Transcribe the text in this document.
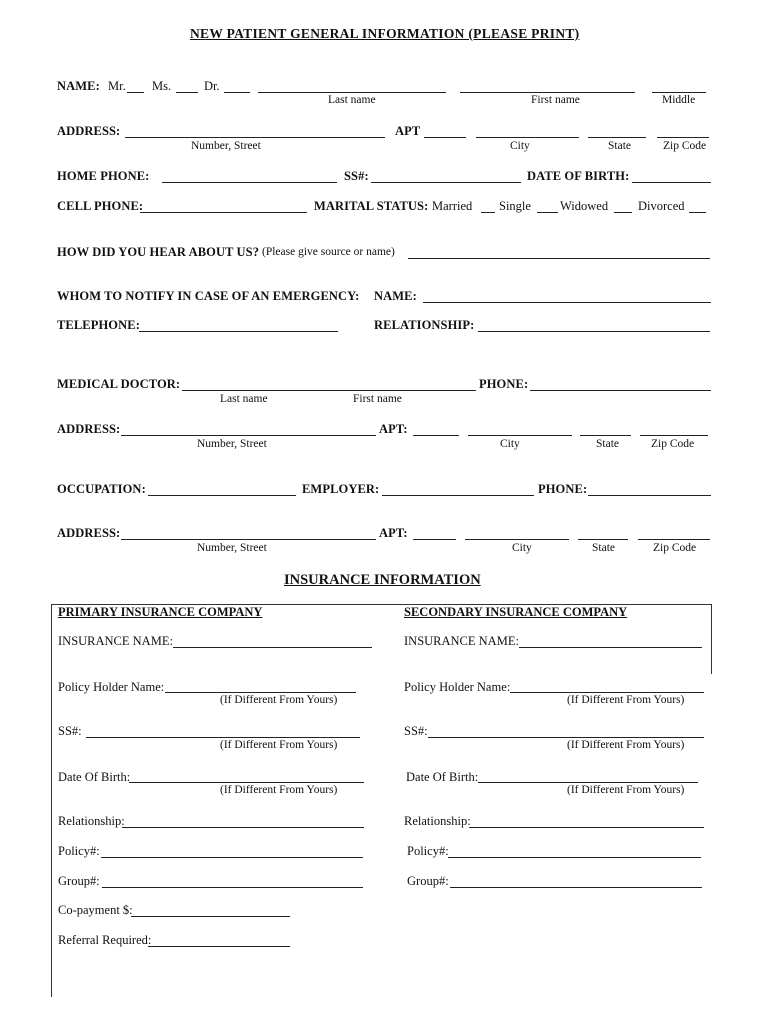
NEW PATIENT GENERAL INFORMATION (PLEASE PRINT)
NAME: Mr. Ms.	Dr.
Last name	First name	Middle
ADDRESS:	APT
Number, Street	City	State	Zip Code
HOME PHONE:	SS#:	DATE OF BIRTH:
CELL PHONE:	MARITAL STATUS: Married Single Widowed Divorced
HOW DID YOU HEAR ABOUT US? (Please give source or name)
WHOM TO NOTIFY IN CASE OF AN EMERGENCY: NAME:
TELEPHONE:	RELATIONSHIP:
MEDICAL DOCTOR:	PHONE:
Last name	First name
ADDRESS:	APT:
Number, Street	City	State	Zip Code
OCCUPATION:	EMPLOYER:	PHONE:
ADDRESS:	APT:
Number, Street	City	State	Zip Code
INSURANCE INFORMATION
PRIMARY INSURANCE COMPANY
INSURANCE NAME:
Policy Holder Name:
(If Different From Yours)
SS#:
(If Different From Yours)
Date Of Birth:
(If Different From Yours)
Relationship:
Policy#:
Group#:
Co-payment $:
Referral Required:
SECONDARY INSURANCE COMPANY
INSURANCE NAME:
Policy Holder Name:
(If Different From Yours)
SS#:
(If Different From Yours)
Date Of Birth:
(If Different From Yours)
Relationship:
Policy#:
Group#:
